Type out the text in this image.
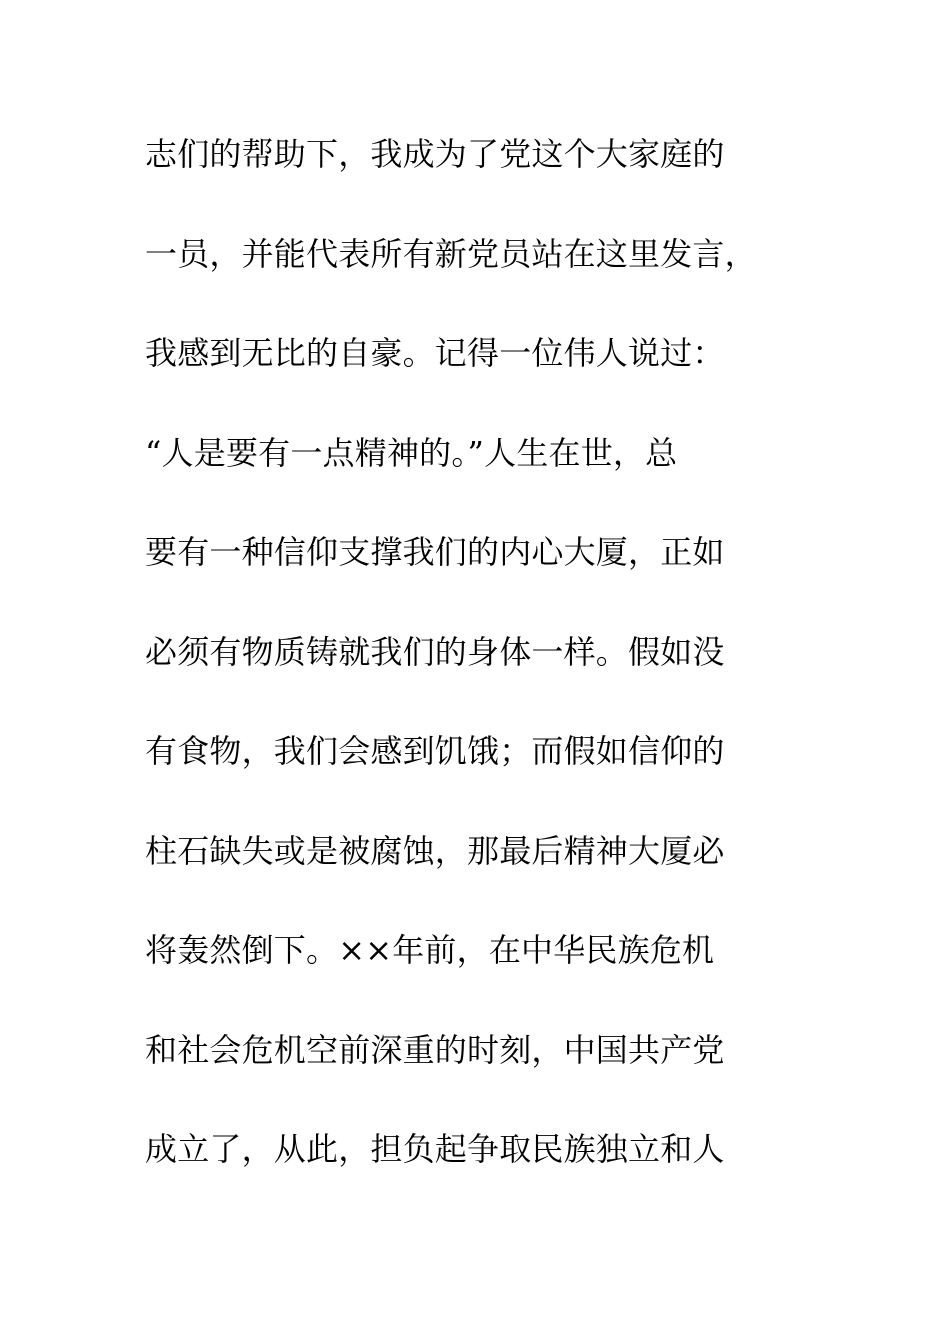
志们的帮助下，我成为了党这个大家庭的
一员，并能代表所有新党员站在这里发言，
我感到无比的自豪。记得一位伟人说过：
“人是要有一点精神的。”人生在世，总
要有一种信仰支撑我们的内心大厦，正如
必须有物质铸就我们的身体一样。假如没
有食物，我们会感到饥饿；而假如信仰的
柱石缺失或是被腐蚀，那最后精神大厦必
将轰然倒下。××年前，在中华民族危机
和社会危机空前深重的时刻，中国共产党
成立了，从此，担负起争取民族独立和人
